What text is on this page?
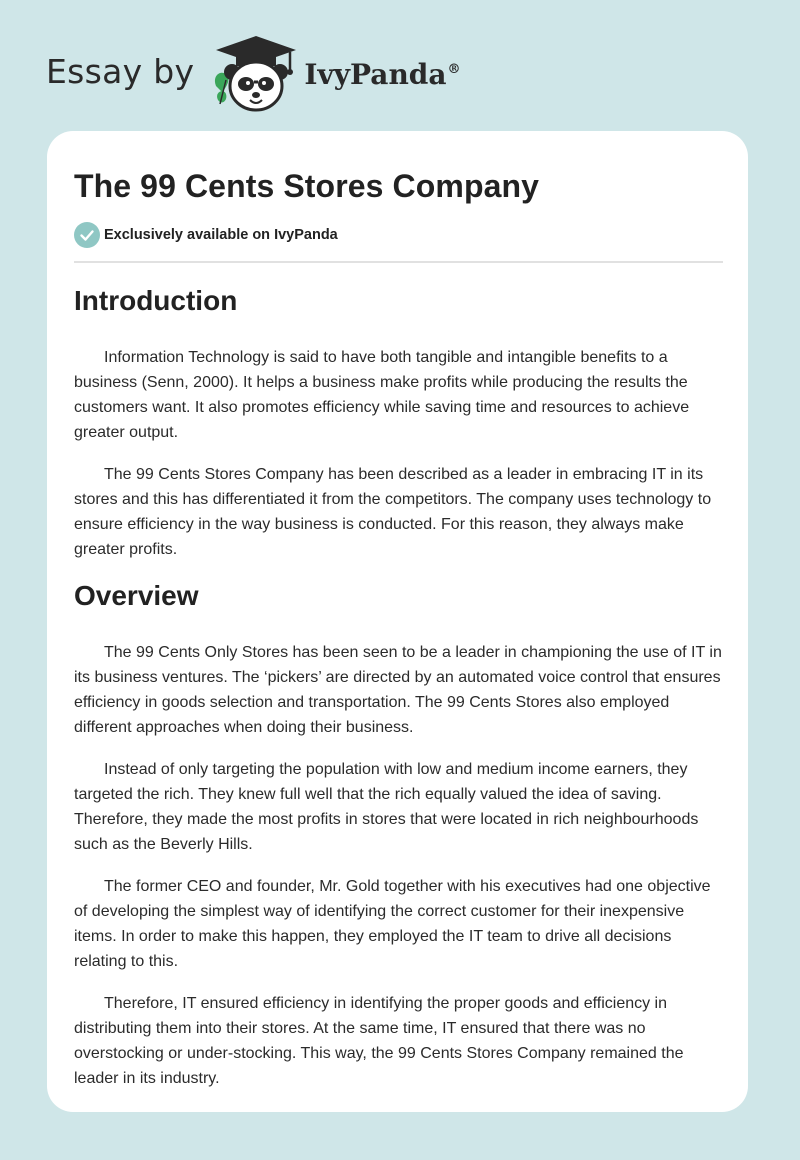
Essay by	IvyPanda®
The 99 Cents Stores Company
Exclusively available on IvyPanda
Introduction

Information Technology is said to have both tangible and intangible benefits to a business (Senn, 2000). It helps a business make profits while producing the results the customers want. It also promotes efficiency while saving time and resources to achieve greater output.

The 99 Cents Stores Company has been described as a leader in embracing IT in its stores and this has differentiated it from the competitors. The company uses technology to ensure efficiency in the way business is conducted. For this reason, they always make greater profits.

Overview

The 99 Cents Only Stores has been seen to be a leader in championing the use of IT in its business ventures. The ‘pickers’ are directed by an automated voice control that ensures efficiency in goods selection and transportation. The 99 Cents Stores also employed different approaches when doing their business.

Instead of only targeting the population with low and medium income earners, they targeted the rich. They knew full well that the rich equally valued the idea of saving. Therefore, they made the most profits in stores that were located in rich neighbourhoods such as the Beverly Hills.

The former CEO and founder, Mr. Gold together with his executives had one objective of developing the simplest way of identifying the correct customer for their inexpensive items. In order to make this happen, they employed the IT team to drive all decisions relating to this.

Therefore, IT ensured efficiency in identifying the proper goods and efficiency in distributing them into their stores. At the same time, IT ensured that there was no overstocking or under-stocking. This way, the 99 Cents Stores Company remained the leader in its industry.
